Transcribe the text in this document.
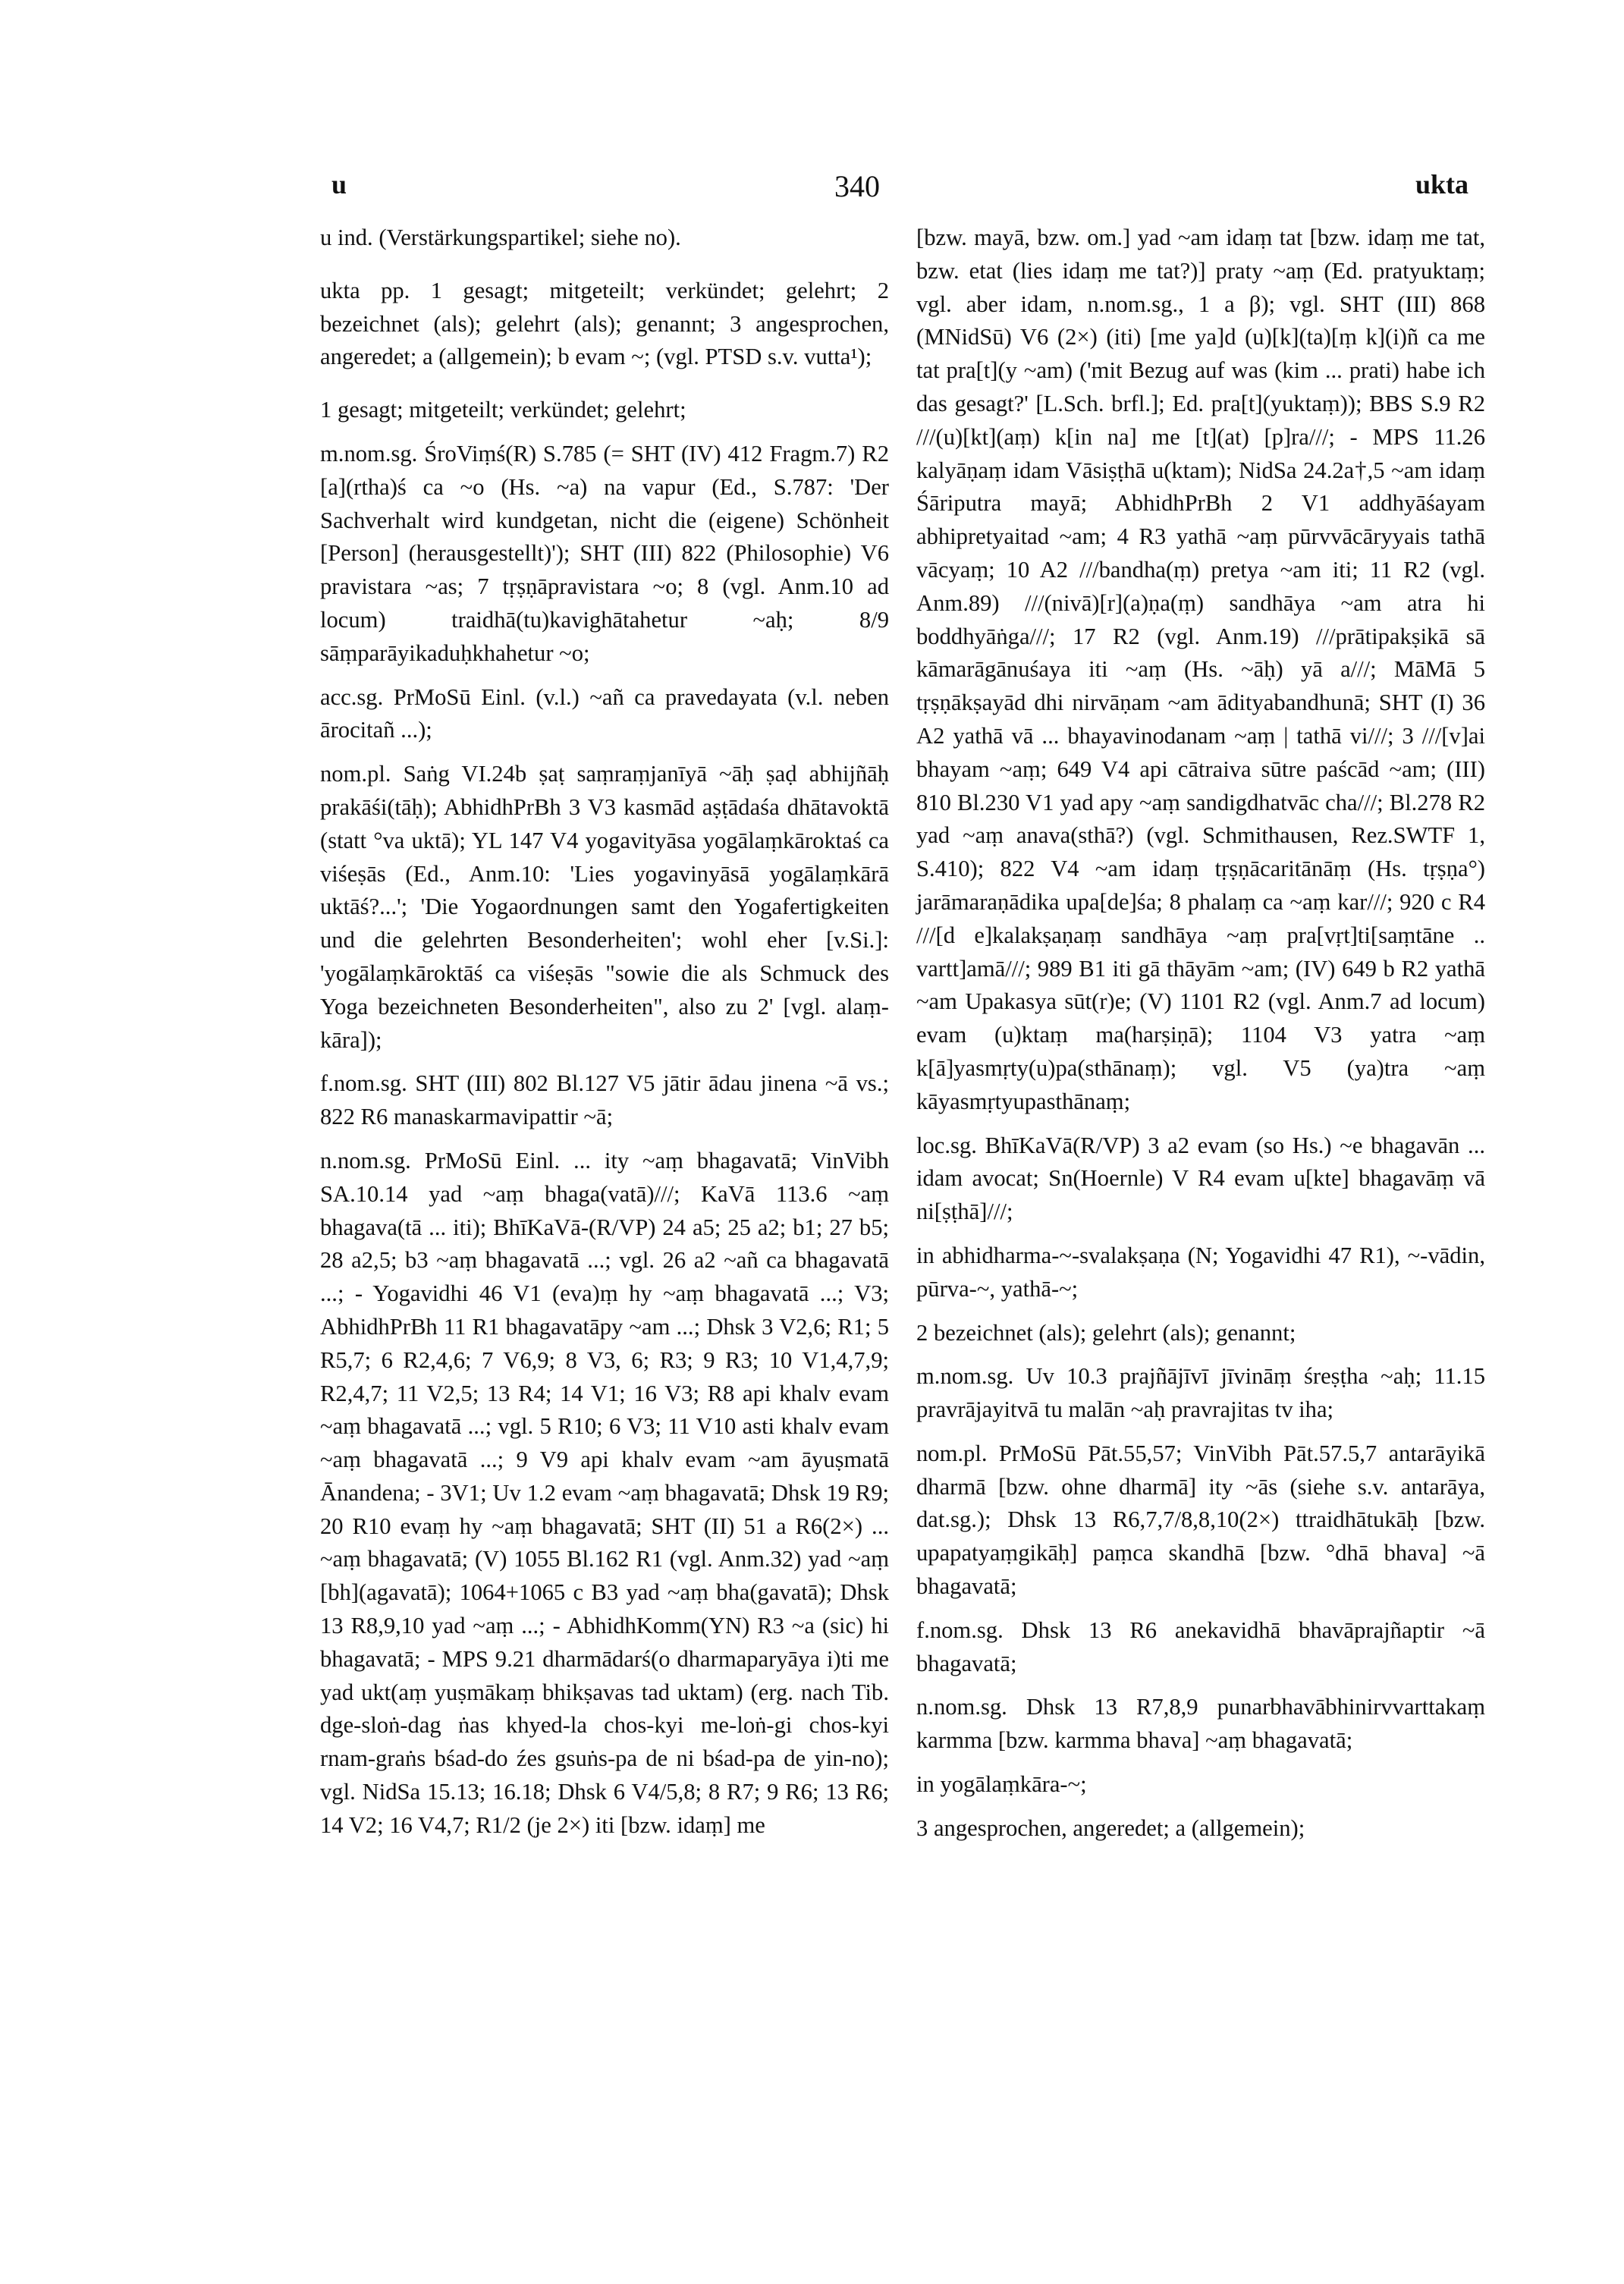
u	340	ukta

u ind. (Verstärkungspartikel; siehe no).

ukta pp. 1 gesagt; mitgeteilt; verkündet; gelehrt; 2 bezeichnet (als); gelehrt (als); genannt; 3 angesprochen, angeredet; a (allgemein); b evam ~; (vgl. PTSD s.v. vutta¹);

1 gesagt; mitgeteilt; verkündet; gelehrt;

m.nom.sg. ŚroViṃś(R) S.785 (= SHT (IV) 412 Fragm.7) R2 [a](rtha)ś ca ~o (Hs. ~a) na vapur (Ed., S.787: 'Der Sachverhalt wird kundgetan, nicht die (eigene) Schönheit [Person] (herausgestellt)'); SHT (III) 822 (Philosophie) V6 pravistara ~as; 7 tṛṣṇāpravistara ~o; 8 (vgl. Anm.10 ad locum) traidhā(tu)kavighātahetur ~aḥ; 8/9 sāṃparāyikaduḥkhahetur ~o;

acc.sg. PrMoSū Einl. (v.l.) ~añ ca pravedayata (v.l. neben ārocitañ ...);

nom.pl. Saṅg VI.24b ṣaṭ saṃraṃjanīyā ~āḥ ṣaḍ abhijñāḥ prakāśi(tāḥ); AbhidhPrBh 3 V3 kasmād aṣṭādaśa dhātavoktā (statt °va uktā); YL 147 V4 yogavityāsa yogālaṃkāroktaś ca viśeṣās (Ed., Anm.10: 'Lies yogavinyāsā yogālaṃkārā uktāś?...'; 'Die Yogaordnungen samt den Yogafertigkeiten und die gelehrten Besonderheiten'; wohl eher [v.Si.]: 'yogālaṃkāroktāś ca viśeṣās "sowie die als Schmuck des Yoga bezeichneten Besonderheiten", also zu 2' [vgl. alaṃ-kāra]);

f.nom.sg. SHT (III) 802 Bl.127 V5 jātir ādau jinena ~ā vs.; 822 R6 manaskarmavipattir ~ā;

n.nom.sg. PrMoSū Einl. ... ity ~aṃ bhagavatā; VinVibh SA.10.14 yad ~aṃ bhaga(vatā)///; KaVā 113.6 ~aṃ bhagava(tā ... iti); BhīKaVā-(R/VP) 24 a5; 25 a2; b1; 27 b5; 28 a2,5; b3 ~aṃ bhagavatā ...; vgl. 26 a2 ~añ ca bhagavatā ...; - Yogavidhi 46 V1 (eva)ṃ hy ~aṃ bhagavatā ...; V3; AbhidhPrBh 11 R1 bhagavatāpy ~am ...; Dhsk 3 V2,6; R1; 5 R5,7; 6 R2,4,6; 7 V6,9; 8 V3, 6; R3; 9 R3; 10 V1,4,7,9; R2,4,7; 11 V2,5; 13 R4; 14 V1; 16 V3; R8 api khalv evam ~aṃ bhagavatā ...; vgl. 5 R10; 6 V3; 11 V10 asti khalv evam ~aṃ bhagavatā ...; 9 V9 api khalv evam ~am āyuṣmatā Ānandena; - 3V1; Uv 1.2 evam ~aṃ bhagavatā; Dhsk 19 R9; 20 R10 evaṃ hy ~aṃ bhagavatā; SHT (II) 51 a R6(2×) ... ~aṃ bhagavatā; (V) 1055 Bl.162 R1 (vgl. Anm.32) yad ~aṃ [bh](agavatā); 1064+1065 c B3 yad ~aṃ bha(gavatā); Dhsk 13 R8,9,10 yad ~aṃ ...; - AbhidhKomm(YN) R3 ~a (sic) hi bhagavatā; - MPS 9.21 dharmādarś(o dharmaparyāya i)ti me yad ukt(aṃ yuṣmākaṃ bhikṣavas tad uktam) (erg. nach Tib. dge-sloṅ-dag ṅas khyed-la chos-kyi me-loṅ-gi chos-kyi rnam-graṅs bśad-do źes gsuṅs-pa de ni bśad-pa de yin-no); vgl. NidSa 15.13; 16.18; Dhsk 6 V4/5,8; 8 R7; 9 R6; 13 R6; 14 V2; 16 V4,7; R1/2 (je 2×) iti [bzw. idaṃ] me

[bzw. mayā, bzw. om.] yad ~am idaṃ tat [bzw. idaṃ me tat, bzw. etat (lies idaṃ me tat?)] praty ~aṃ (Ed. pratyuktaṃ; vgl. aber idam, n.nom.sg., 1 a β); vgl. SHT (III) 868 (MNidSū) V6 (2×) (iti) [me ya]d (u)[k](ta)[ṃ k](i)ñ ca me tat pra[t](y ~am) ('mit Bezug auf was (kim ... prati) habe ich das gesagt?' [L.Sch. brfl.]; Ed. pra[t](yuktaṃ)); BBS S.9 R2 ///(u)[kt](aṃ) k[in na] me [t](at) [p]ra///; - MPS 11.26 kalyāṇaṃ idam Vāsiṣṭhā u(ktam); NidSa 24.2a†,5 ~am idaṃ Śāriputra mayā; AbhidhPrBh 2 V1 addhyāśayam abhipretyaitad ~am; 4 R3 yathā ~aṃ pūrvvācāryyais tathā vācyaṃ; 10 A2 ///bandha(ṃ) pretya ~am iti; 11 R2 (vgl. Anm.89) ///(nivā)[r](a)ṇa(ṃ) sandhāya ~am atra hi boddhyāṅga///; 17 R2 (vgl. Anm.19) ///prātipakṣikā sā kāmarāgānuśaya iti ~aṃ (Hs. ~āḥ) yā a///; MāMā 5 tṛṣṇākṣayād dhi nirvāṇam ~am ādityabandhunā; SHT (I) 36 A2 yathā vā ... bhayavinodanam ~aṃ | tathā vi///; 3 ///[v]ai bhayam ~aṃ; 649 V4 api cātraiva sūtre paścād ~am; (III) 810 Bl.230 V1 yad apy ~aṃ sandigdhatvāc cha///; Bl.278 R2 yad ~aṃ anava(sthā?) (vgl. Schmithausen, Rez.SWTF 1, S.410); 822 V4 ~am idaṃ tṛṣṇācaritānāṃ (Hs. tṛṣṇa°) jarāmaraṇādika upa[de]śa; 8 phalaṃ ca ~aṃ kar///; 920 c R4 ///[d e]kalakṣaṇaṃ sandhāya ~aṃ pra[vṛt]ti[saṃtāne .. vartt]amā///; 989 B1 iti gā thāyām ~am; (IV) 649 b R2 yathā ~am Upakasya sūt(r)e; (V) 1101 R2 (vgl. Anm.7 ad locum) evam (u)ktaṃ ma(harṣiṇā); 1104 V3 yatra ~aṃ k[ā]yasmṛty(u)pa(sthānaṃ); vgl. V5 (ya)tra ~aṃ kāyasmṛtyupasthānaṃ;

loc.sg. BhīKaVā(R/VP) 3 a2 evam (so Hs.) ~e bhagavān ... idam avocat; Sn(Hoernle) V R4 evam u[kte] bhagavāṃ vā ni[ṣṭhā]///;

in abhidharma-~-svalakṣaṇa (N; Yogavidhi 47 R1), ~-vādin, pūrva-~, yathā-~;

2 bezeichnet (als); gelehrt (als); genannt;

m.nom.sg. Uv 10.3 prajñājīvī jīvināṃ śreṣṭha ~aḥ; 11.15 pravrājayitvā tu malān ~aḥ pravrajitas tv iha;

nom.pl. PrMoSū Pāt.55,57; VinVibh Pāt.57.5,7 antarāyikā dharmā [bzw. ohne dharmā] ity ~ās (siehe s.v. antarāya, dat.sg.); Dhsk 13 R6,7,7/8,8,10(2×) ttraidhātukāḥ [bzw. upapatyaṃgikāḥ] paṃca skandhā [bzw. °dhā bhava] ~ā bhagavatā;

f.nom.sg. Dhsk 13 R6 anekavidhā bhavāprajñaptir ~ā bhagavatā;

n.nom.sg. Dhsk 13 R7,8,9 punarbhavābhinirvvarttakaṃ karmma [bzw. karmma bhava] ~aṃ bhagavatā;

in yogālaṃkāra-~;

3 angesprochen, angeredet; a (allgemein);
